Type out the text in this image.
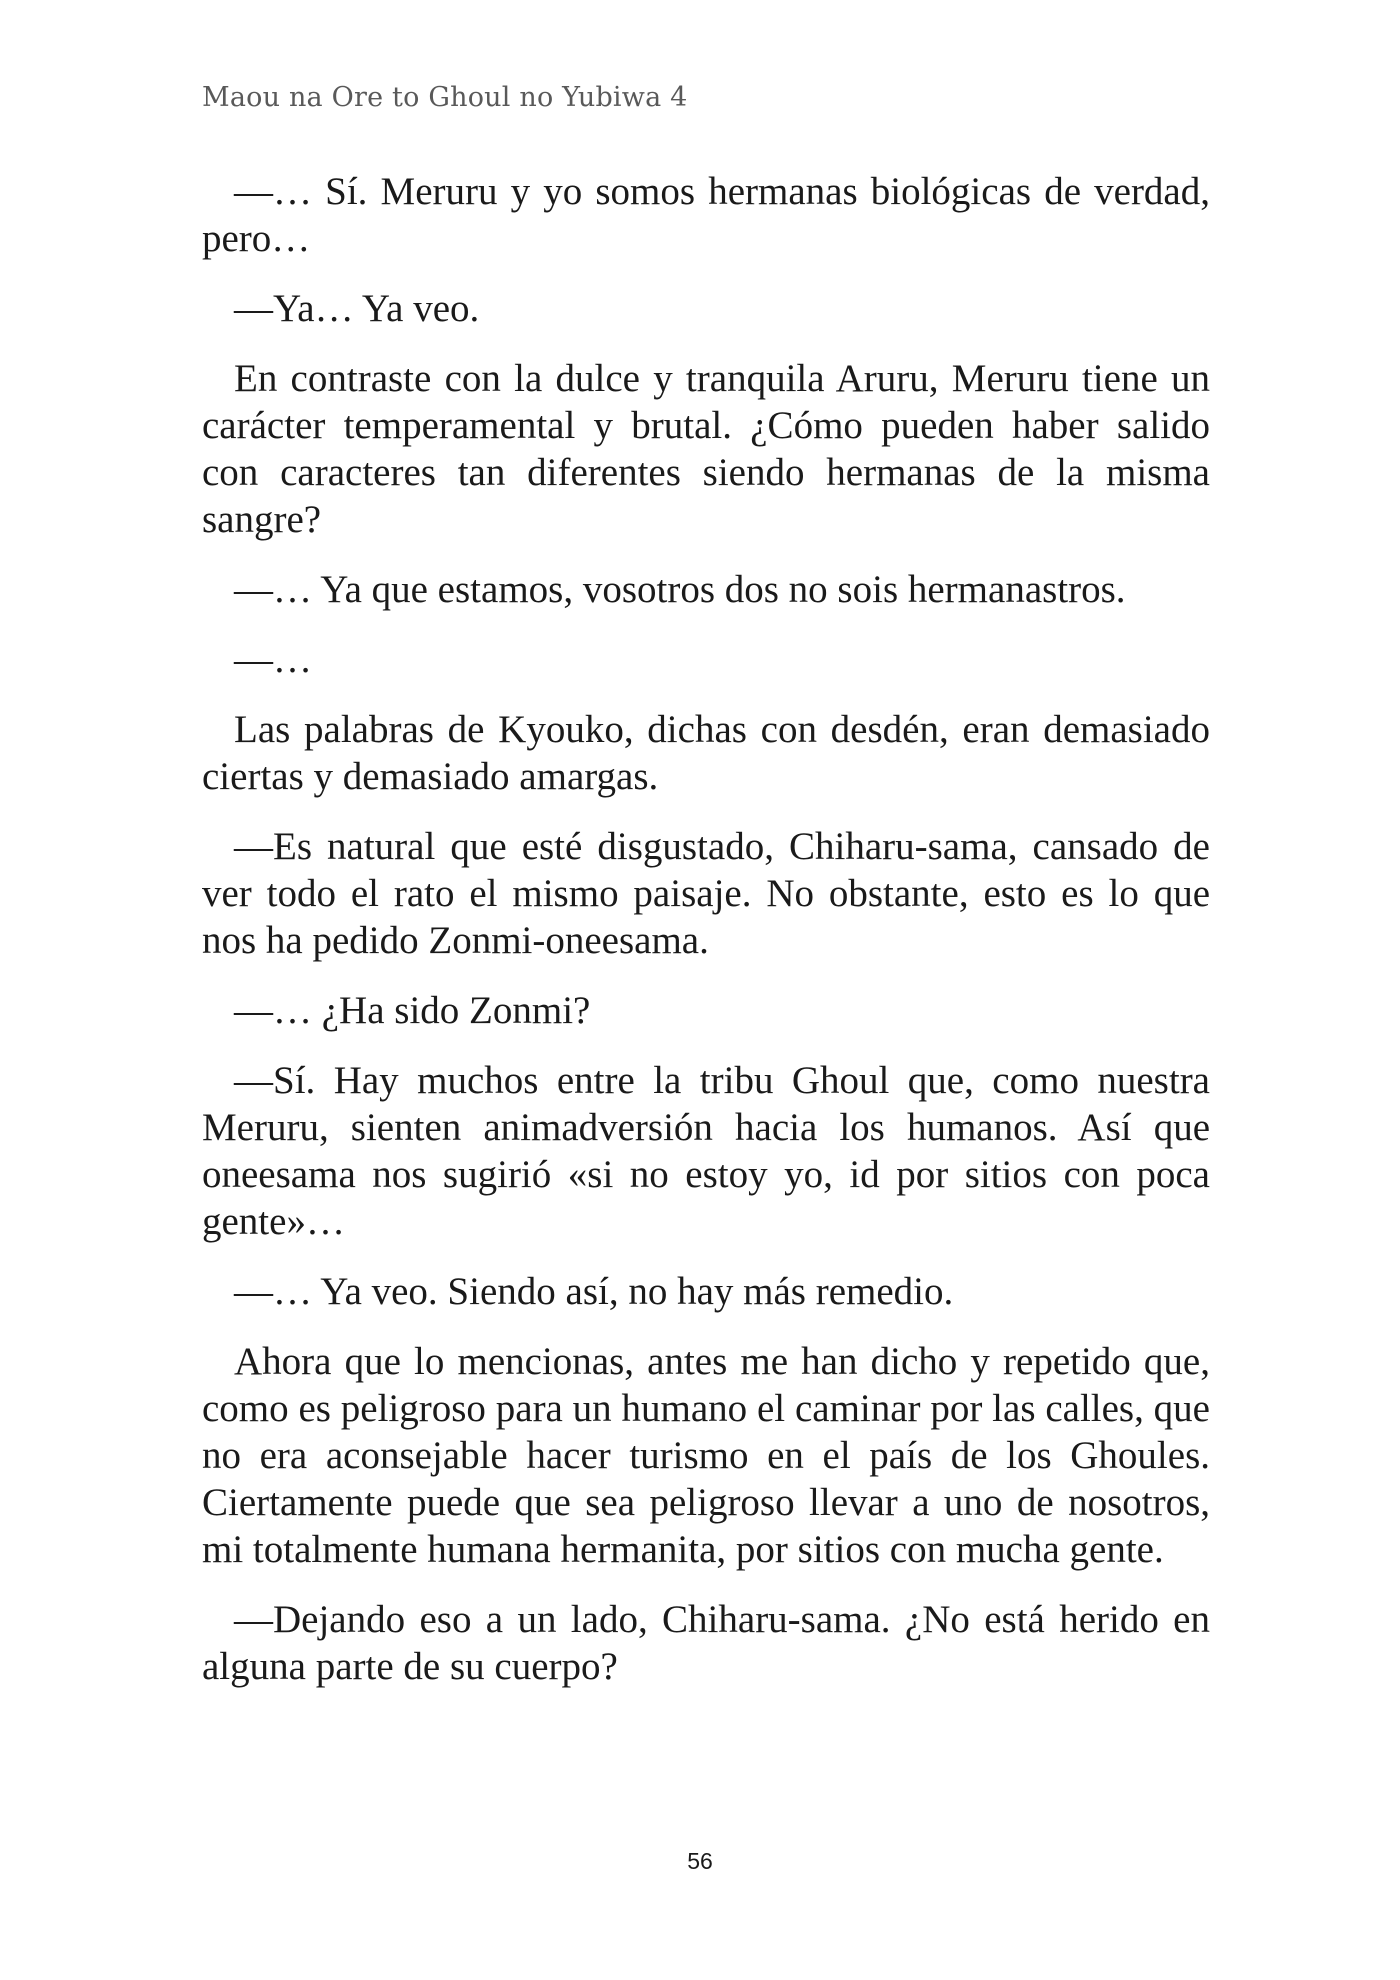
Maou na Ore to Ghoul no Yubiwa 4

—… Sí. Meruru y yo somos hermanas biológicas de verdad, pero…

—Ya… Ya veo.

En contraste con la dulce y tranquila Aruru, Meruru tiene un carácter temperamental y brutal. ¿Cómo pueden haber salido con caracteres tan diferentes siendo hermanas de la misma sangre?

—… Ya que estamos, vosotros dos no sois hermanastros.

—…

Las palabras de Kyouko, dichas con desdén, eran demasiado ciertas y demasiado amargas.

—Es natural que esté disgustado, Chiharu-sama, cansado de ver todo el rato el mismo paisaje. No obstante, esto es lo que nos ha pedido Zonmi-oneesama.

—… ¿Ha sido Zonmi?

—Sí. Hay muchos entre la tribu Ghoul que, como nuestra Meruru, sienten animadversión hacia los humanos. Así que oneesama nos sugirió «si no estoy yo, id por sitios con poca gente»…

—… Ya veo. Siendo así, no hay más remedio.

Ahora que lo mencionas, antes me han dicho y repetido que, como es peligroso para un humano el caminar por las calles, que no era aconsejable hacer turismo en el país de los Ghoules. Ciertamente puede que sea peligroso llevar a uno de nosotros, mi totalmente humana hermanita, por sitios con mucha gente.

—Dejando eso a un lado, Chiharu-sama. ¿No está herido en alguna parte de su cuerpo?

56
